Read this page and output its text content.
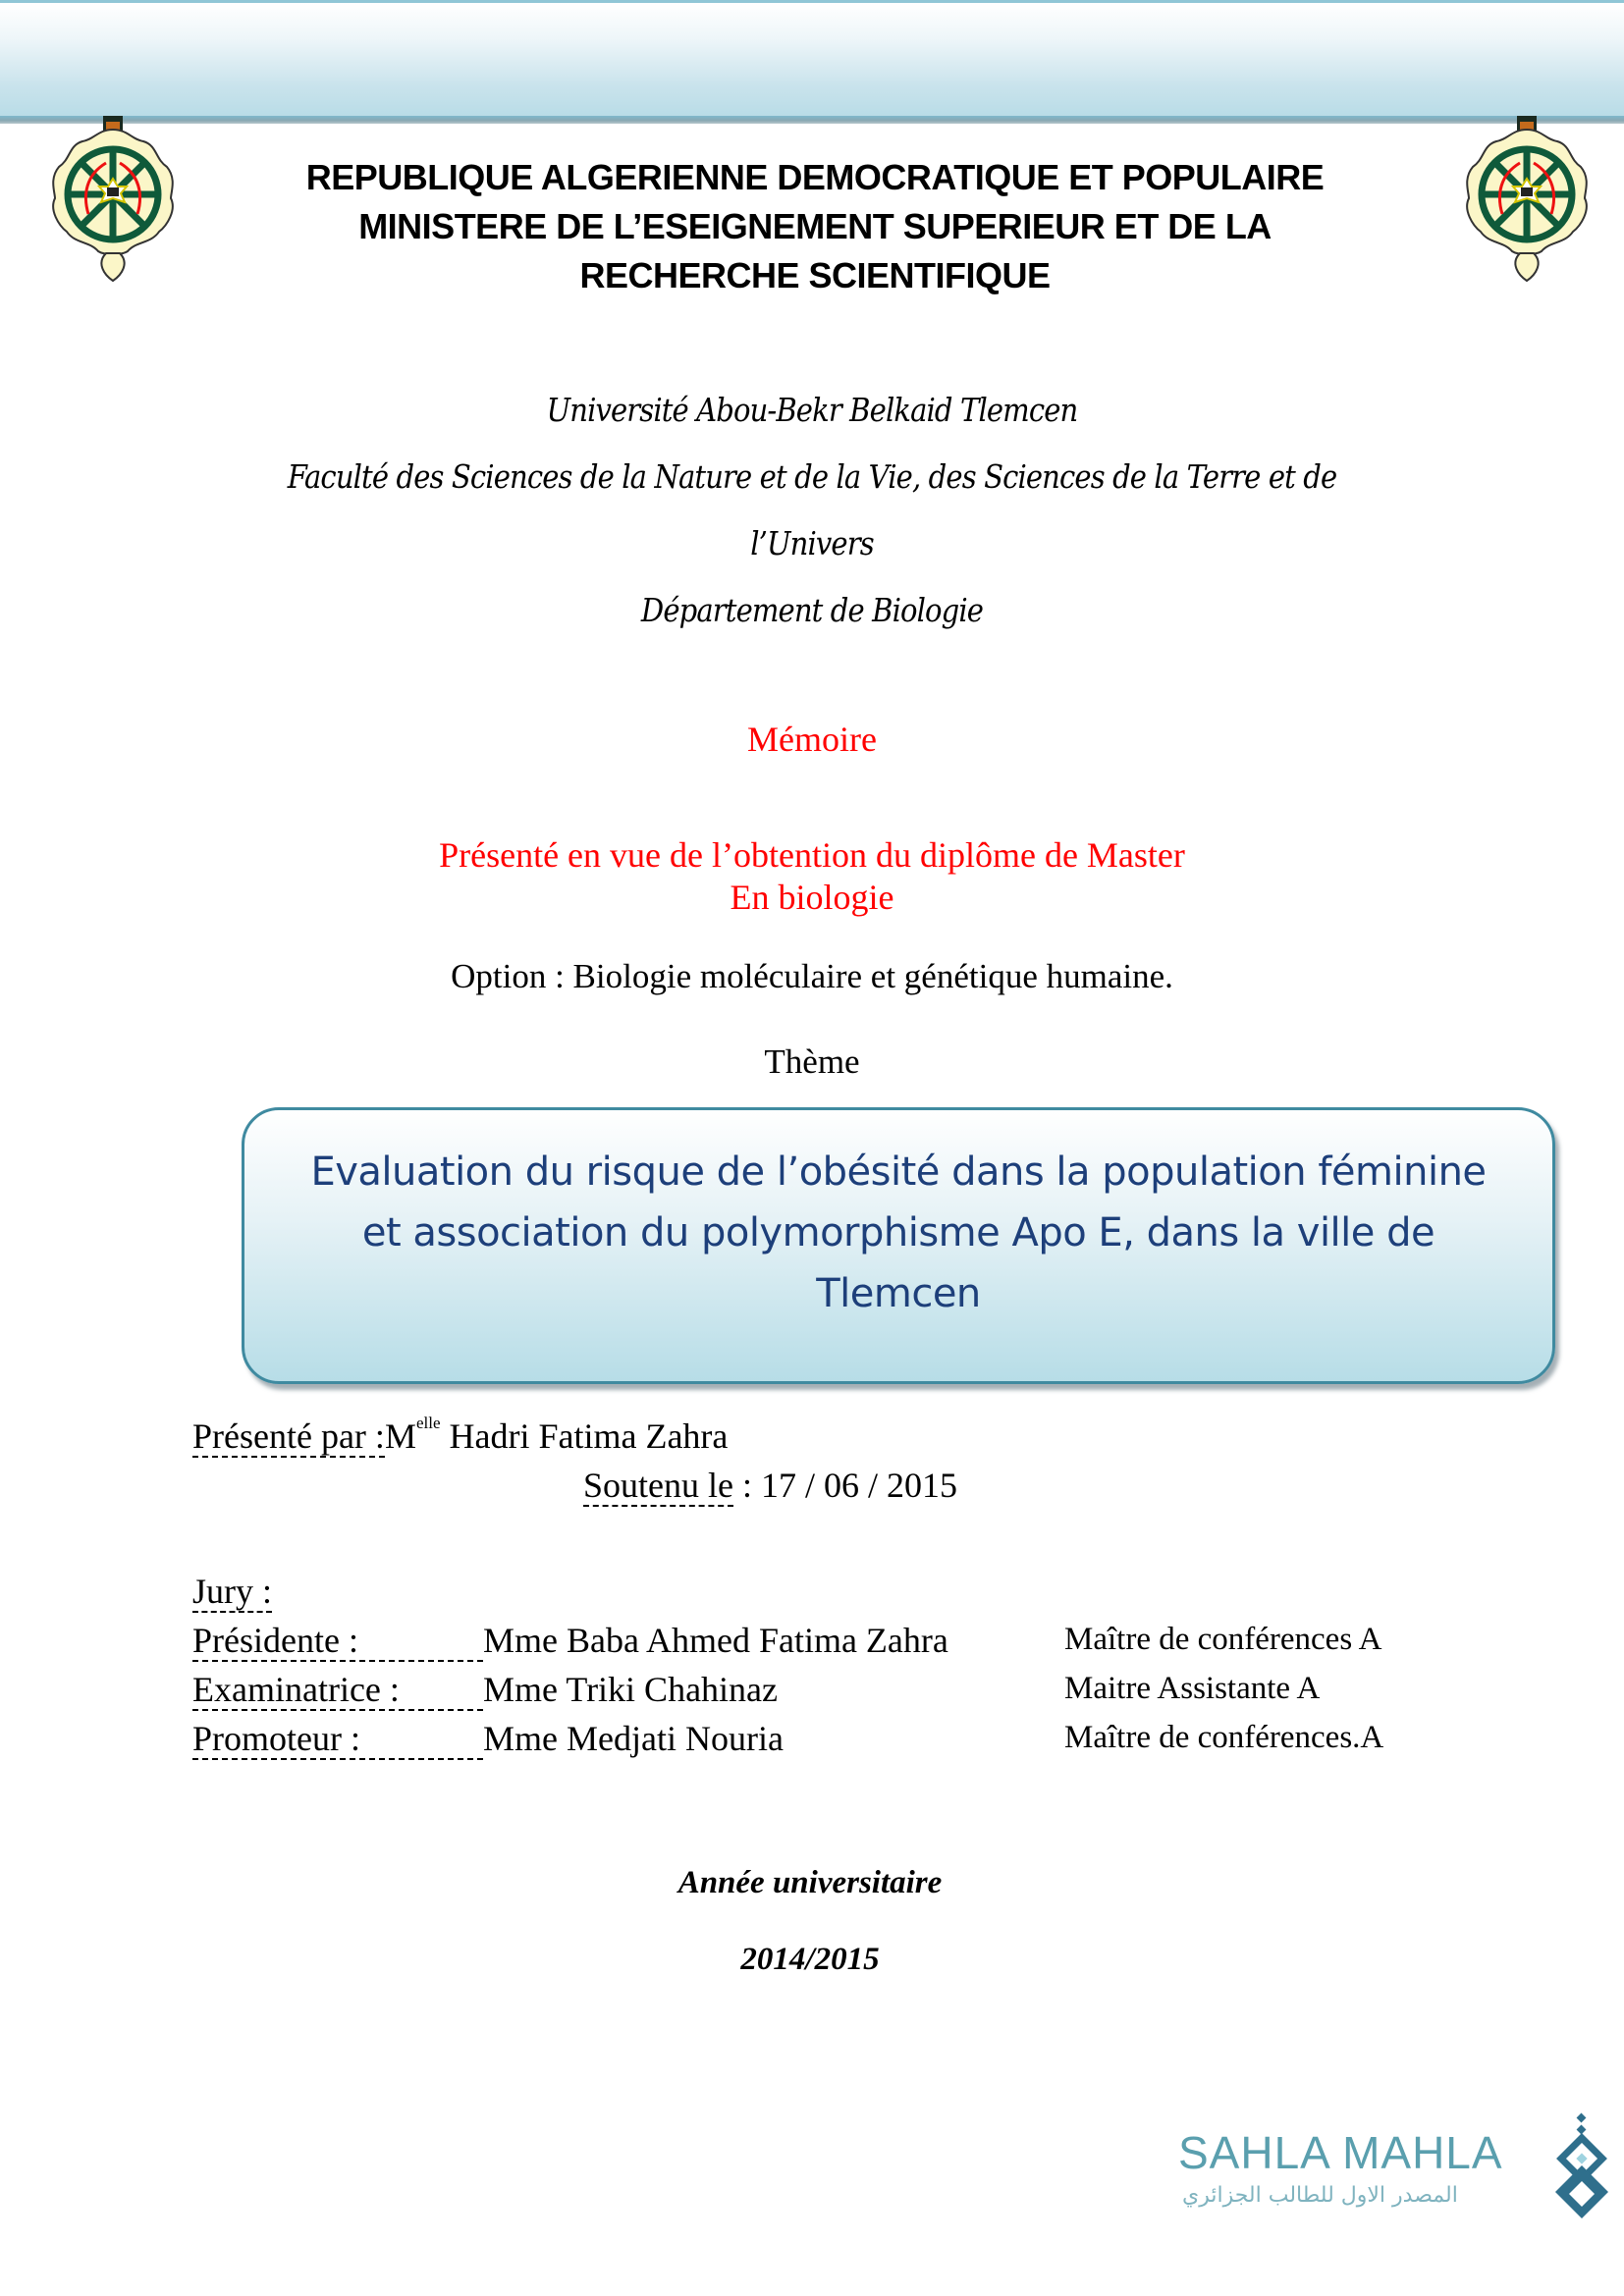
REPUBLIQUE ALGERIENNE DEMOCRATIQUE ET POPULAIRE
MINISTERE DE L’ESEIGNEMENT SUPERIEUR ET DE LA
RECHERCHE SCIENTIFIQUE
Université Abou-Bekr Belkaid Tlemcen
Faculté des Sciences de la Nature et de la Vie, des Sciences de la Terre et de
l’Univers
Département de Biologie
Mémoire
Présenté en vue de l’obtention du diplôme de Master
En biologie
Option : Biologie moléculaire et génétique humaine.
Thème
Evaluation du risque de l’obésité dans la population féminine
et association du polymorphisme Apo E, dans la ville de
Tlemcen
Présenté par $:M^{elle}$ Hadri Fatima Zahra
Soutenu le : 17 / 06 / 2015
Jury :
Présidente :	Mme Baba Ahmed Fatima Zahra
Examinatrice : Mme Triki Chahinaz
Promoteur :	Mme Medjati Nouria
Maître de conférences A
Maitre Assistante A
Maître de conférences.A
Année universitaire
2014/2015
SAHLA MAHLA
المصدر الاول للطالب الجزائري
